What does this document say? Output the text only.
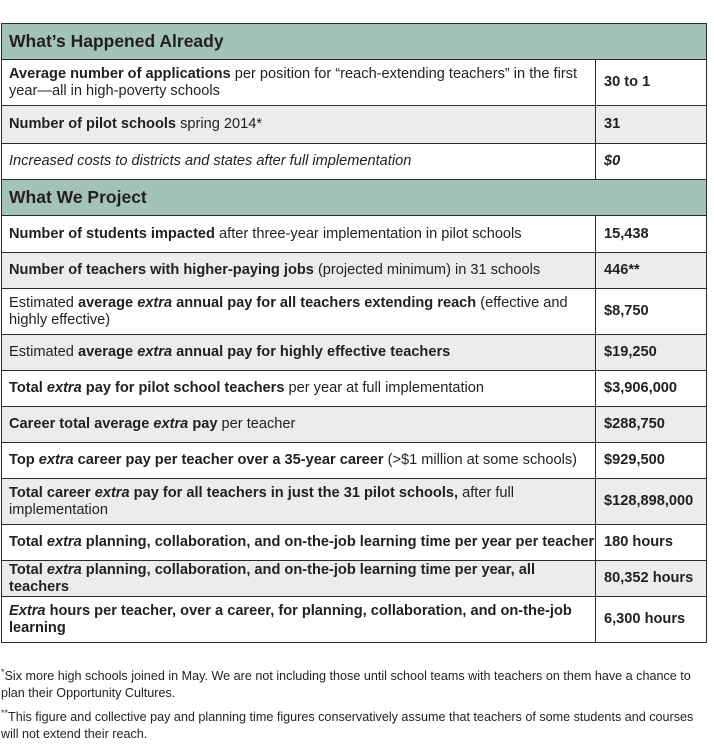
What’s Happened Already	
Average number of applications per position for “reach-extending teachers” in the first year—all in high-poverty schools	30 to 1
Number of pilot schools spring 2014*	31
Increased costs to districts and states after full implementation	$0
What We Project	
Number of students impacted after three-year implementation in pilot schools	15,438
Number of teachers with higher-paying jobs (projected minimum) in 31 schools	446**
Estimated average extra annual pay for all teachers extending reach (effective and highly effective)	$8,750
Estimated average extra annual pay for highly effective teachers	$19,250
Total extra pay for pilot school teachers per year at full implementation	$3,906,000
Career total average extra pay per teacher	$288,750
Top extra career pay per teacher over a 35-year career (>$1 million at some schools)	$929,500
Total career extra pay for all teachers in just the 31 pilot schools, after full implementation	$128,898,000
Total extra planning, collaboration, and on-the-job learning time per year per teacher	180 hours
Total extra planning, collaboration, and on-the-job learning time per year, all teachers	80,352 hours
Extra hours per teacher, over a career, for planning, collaboration, and on-the-job learning	6,300 hours
*Six more high schools joined in May. We are not including those until school teams with teachers on them have a chance to plan their Opportunity Cultures.
**This figure and collective pay and planning time figures conservatively assume that teachers of some students and courses will not extend their reach.
